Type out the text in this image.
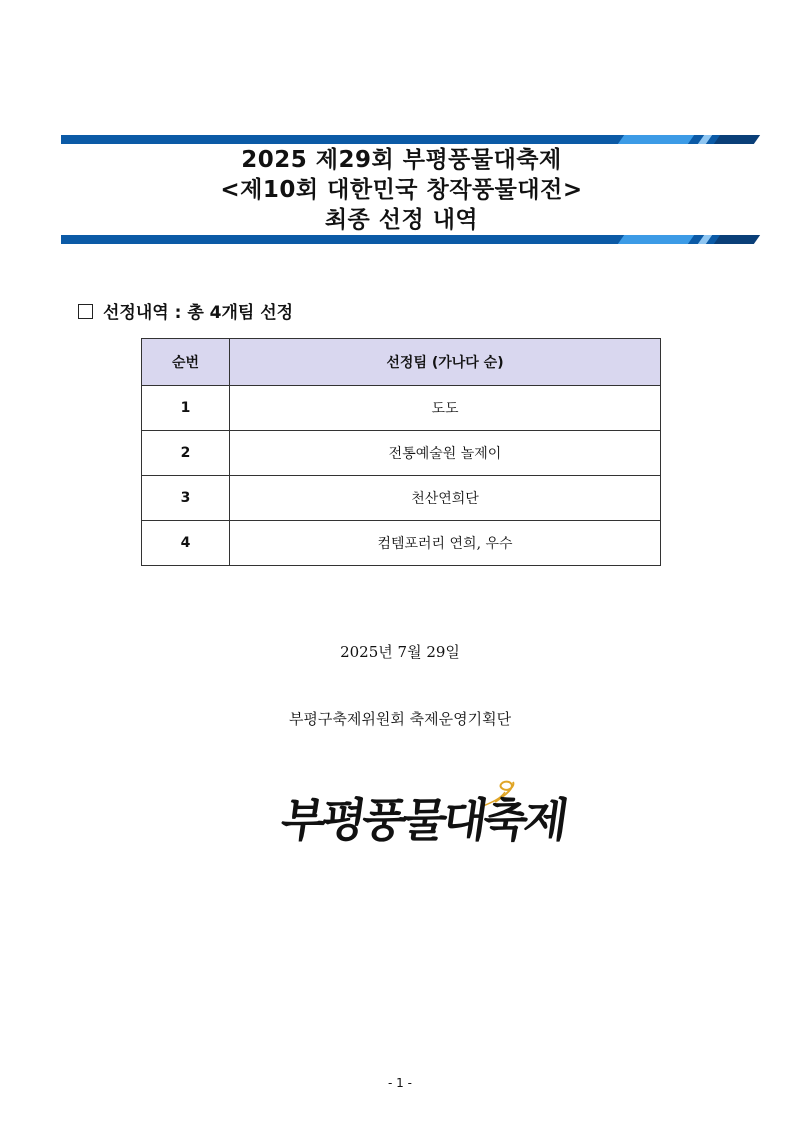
2025 제29회 부평풍물대축제
<제10회 대한민국 창작풍물대전>
최종 선정 내역
선정내역 : 총 4개팀 선정
순번	선정팀 (가나다 순)
1	도도
2	전통예술원 놀제이
3	천산연희단
4	컴템포러리 연희, 우수
2025년 7월 29일
부평구축제위원회 축제운영기획단
부평풍물대축제
- 1 -
